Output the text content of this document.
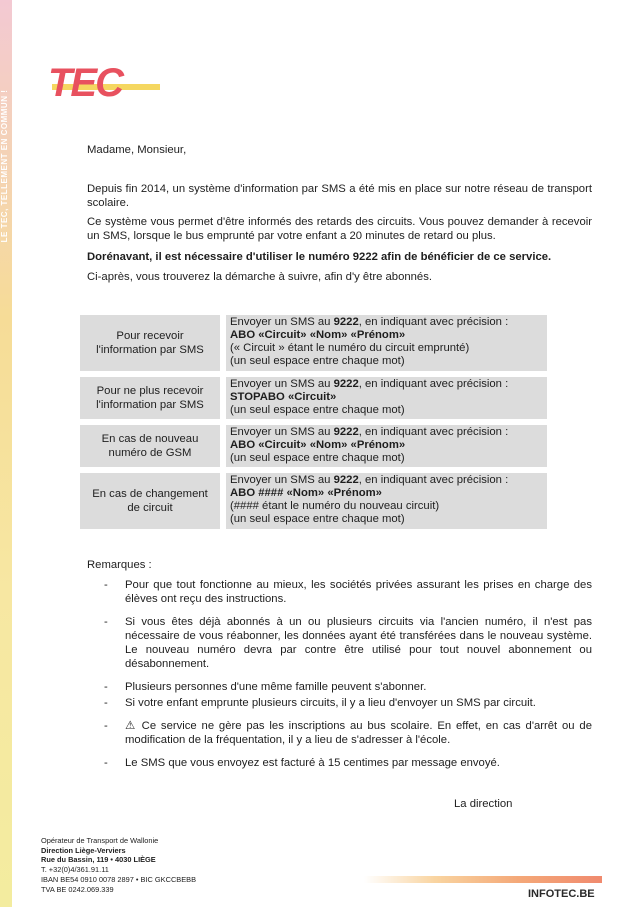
LE TEC, TELLEMENT EN COMMUN !
TEC

Madame, Monsieur,

Depuis fin 2014, un système d'information par SMS a été mis en place sur notre réseau de transport scolaire.

Ce système vous permet d'être informés des retards des circuits. Vous pouvez demander à recevoir un SMS, lorsque le bus emprunté par votre enfant a 20 minutes de retard ou plus.

Dorénavant, il est nécessaire d'utiliser le numéro 9222 afin de bénéficier de ce service.

Ci-après, vous trouverez la démarche à suivre, afin d'y être abonnés.

Pour recevoir l'information par SMS
Envoyer un SMS au 9222, en indiquant avec précision :
ABO «Circuit» «Nom» «Prénom»
(« Circuit » étant le numéro du circuit emprunté)
(un seul espace entre chaque mot)
Pour ne plus recevoir l'information par SMS
Envoyer un SMS au 9222, en indiquant avec précision :
STOPABO «Circuit»
(un seul espace entre chaque mot)
En cas de nouveau numéro de GSM
Envoyer un SMS au 9222, en indiquant avec précision :
ABO «Circuit» «Nom» «Prénom»
(un seul espace entre chaque mot)
En cas de changement de circuit
Envoyer un SMS au 9222, en indiquant avec précision :
ABO #### «Nom» «Prénom»
(#### étant le numéro du nouveau circuit)
(un seul espace entre chaque mot)
Remarques :
- Pour que tout fonctionne au mieux, les sociétés privées assurant les prises en charge des élèves ont reçu des instructions.
- Si vous êtes déjà abonnés à un ou plusieurs circuits via l'ancien numéro, il n'est pas nécessaire de vous réabonner, les données ayant été transférées dans le nouveau système. Le nouveau numéro devra par contre être utilisé pour tout nouvel abonnement ou désabonnement.
- Plusieurs personnes d'une même famille peuvent s'abonner.
- Si votre enfant emprunte plusieurs circuits, il y a lieu d'envoyer un SMS par circuit.
- ⚠ Ce service ne gère pas les inscriptions au bus scolaire. En effet, en cas d'arrêt ou de modification de la fréquentation, il y a lieu de s'adresser à l'école.
- Le SMS que vous envoyez est facturé à 15 centimes par message envoyé.
La direction
Opérateur de Transport de Wallonie
Direction Liège-Verviers
Rue du Bassin, 119 • 4030 LIÈGE
T. +32(0)4/361.91.11
IBAN BE54 0910 0078 2897 • BIC GKCCBEBB
TVA BE 0242.069.339	INFOTEC.BE
